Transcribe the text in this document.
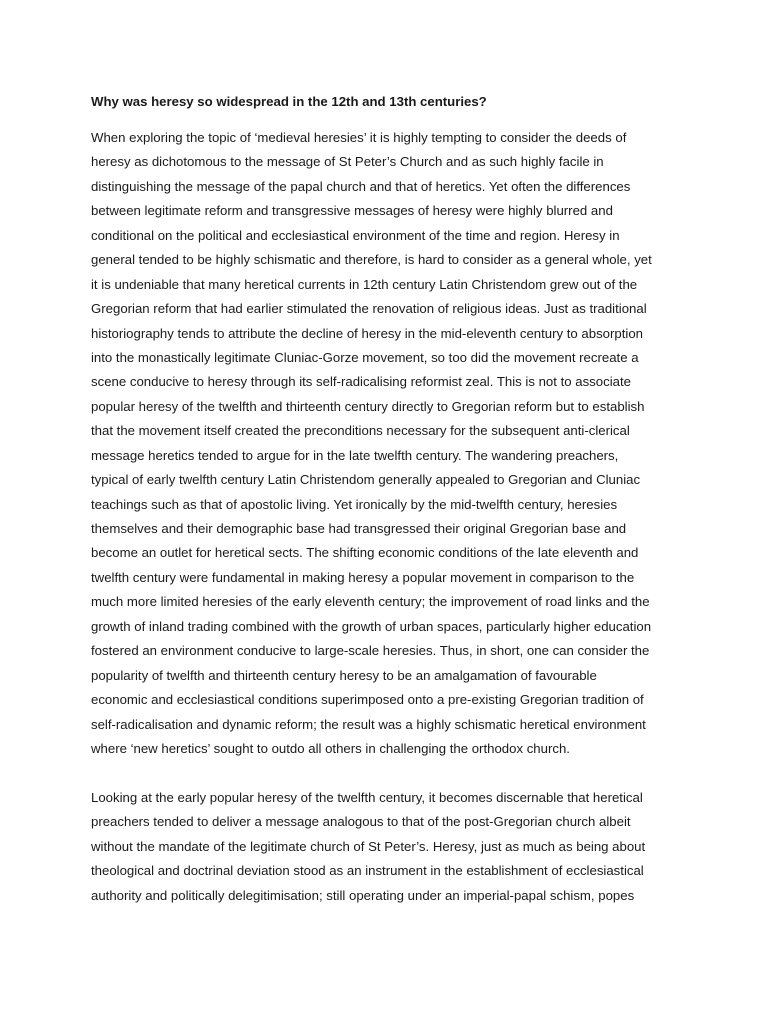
Why was heresy so widespread in the 12th and 13th centuries?
When exploring the topic of ‘medieval heresies’ it is highly tempting to consider the deeds of
heresy as dichotomous to the message of St Peter’s Church and as such highly facile in
distinguishing the message of the papal church and that of heretics. Yet often the differences
between legitimate reform and transgressive messages of heresy were highly blurred and
conditional on the political and ecclesiastical environment of the time and region. Heresy in
general tended to be highly schismatic and therefore, is hard to consider as a general whole, yet
it is undeniable that many heretical currents in 12th century Latin Christendom grew out of the
Gregorian reform that had earlier stimulated the renovation of religious ideas. Just as traditional
historiography tends to attribute the decline of heresy in the mid-eleventh century to absorption
into the monastically legitimate Cluniac-Gorze movement, so too did the movement recreate a
scene conducive to heresy through its self-radicalising reformist zeal. This is not to associate
popular heresy of the twelfth and thirteenth century directly to Gregorian reform but to establish
that the movement itself created the preconditions necessary for the subsequent anti-clerical
message heretics tended to argue for in the late twelfth century. The wandering preachers,
typical of early twelfth century Latin Christendom generally appealed to Gregorian and Cluniac
teachings such as that of apostolic living. Yet ironically by the mid-twelfth century, heresies
themselves and their demographic base had transgressed their original Gregorian base and
become an outlet for heretical sects. The shifting economic conditions of the late eleventh and
twelfth century were fundamental in making heresy a popular movement in comparison to the
much more limited heresies of the early eleventh century; the improvement of road links and the
growth of inland trading combined with the growth of urban spaces, particularly higher education
fostered an environment conducive to large-scale heresies. Thus, in short, one can consider the
popularity of twelfth and thirteenth century heresy to be an amalgamation of favourable
economic and ecclesiastical conditions superimposed onto a pre-existing Gregorian tradition of
self-radicalisation and dynamic reform; the result was a highly schismatic heretical environment
where ‘new heretics’ sought to outdo all others in challenging the orthodox church.
Looking at the early popular heresy of the twelfth century, it becomes discernable that heretical
preachers tended to deliver a message analogous to that of the post-Gregorian church albeit
without the mandate of the legitimate church of St Peter’s. Heresy, just as much as being about
theological and doctrinal deviation stood as an instrument in the establishment of ecclesiastical
authority and politically delegitimisation; still operating under an imperial-papal schism, popes
